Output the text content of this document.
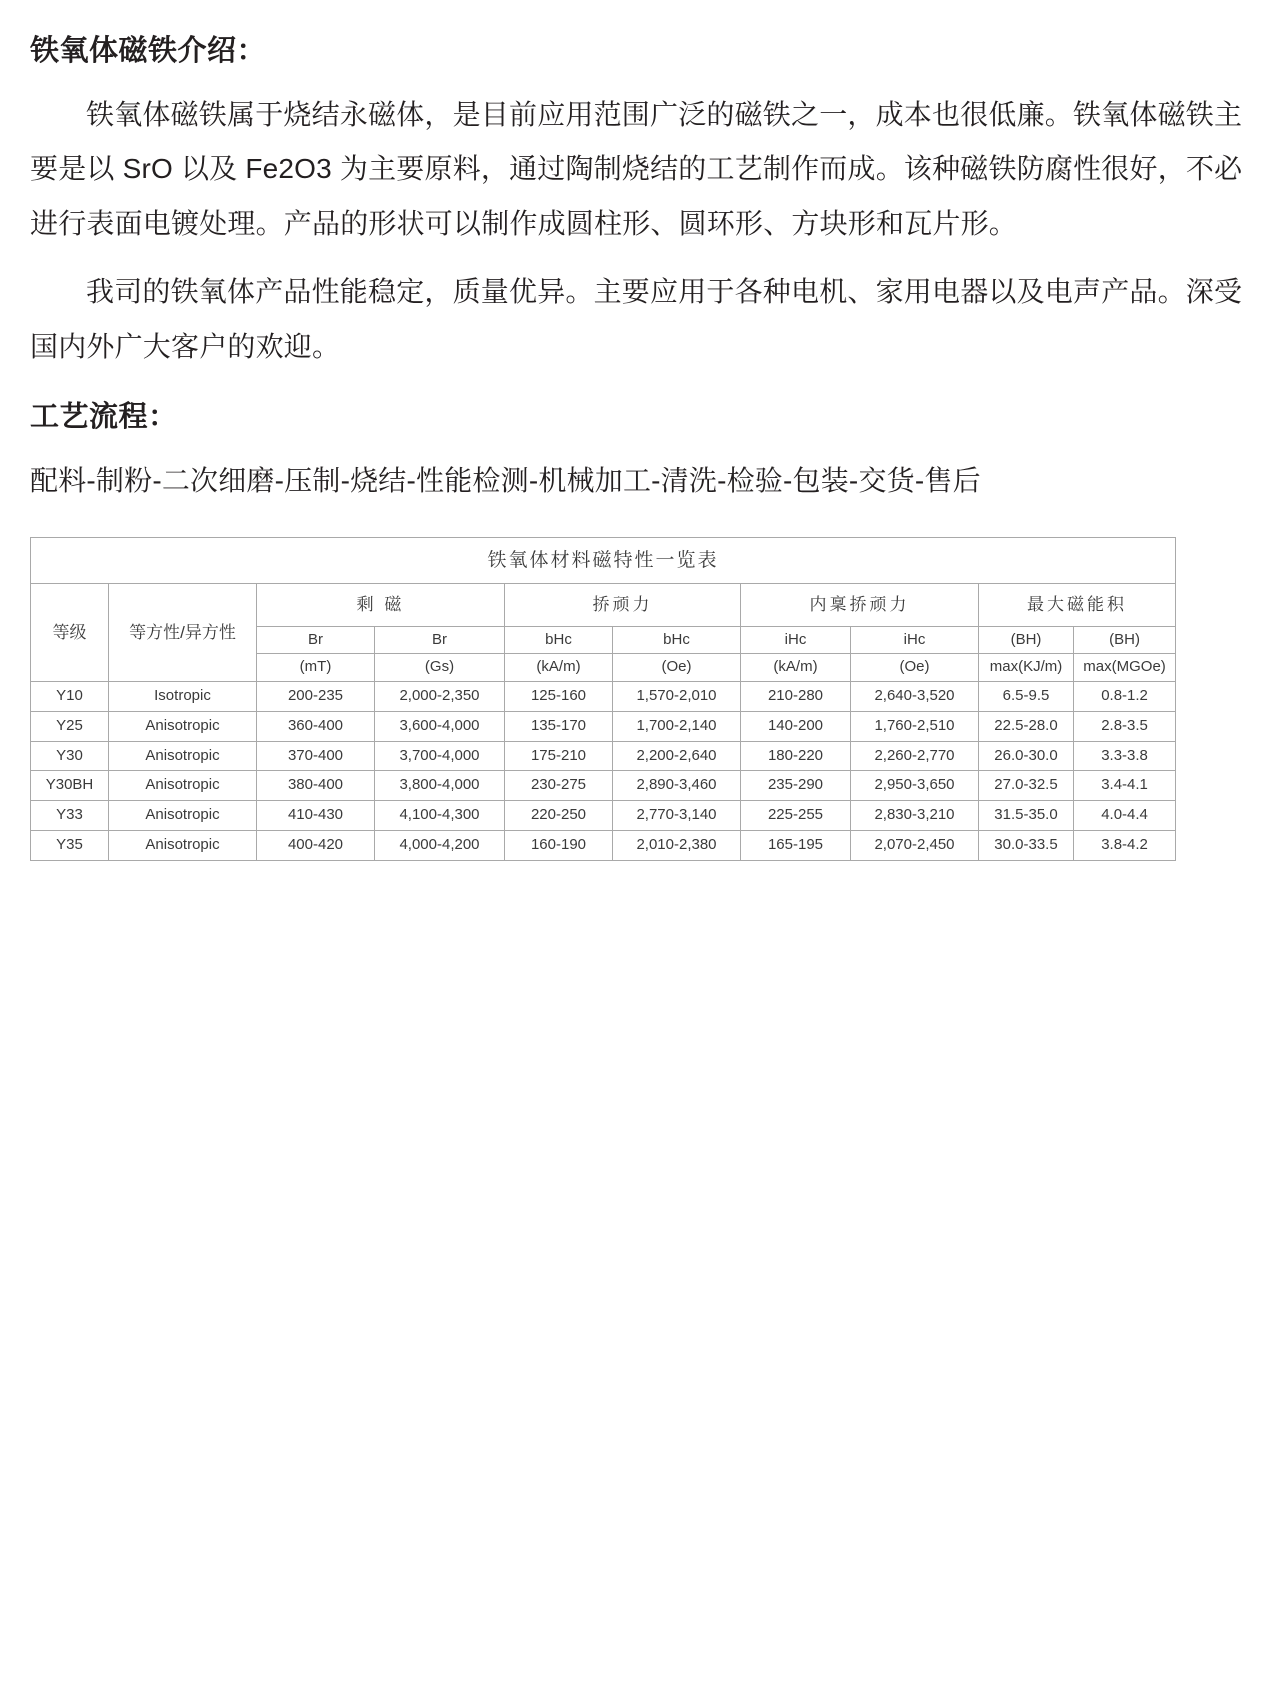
铁氧体磁铁介绍：

铁氧体磁铁属于烧结永磁体，是目前应用范围广泛的磁铁之一，成本也很低廉。铁氧体磁铁主要是以 SrO 以及 Fe2O3 为主要原料，通过陶制烧结的工艺制作而成。该种磁铁防腐性很好，不必进行表面电镀处理。产品的形状可以制作成圆柱形、圆环形、方块形和瓦片形。

我司的铁氧体产品性能稳定，质量优异。主要应用于各种电机、家用电器以及电声产品。深受国内外广大客户的欢迎。

工艺流程：

配料-制粉-二次细磨-压制-烧结-性能检测-机械加工-清洗-检验-包装-交货-售后

铁氧体材料磁特性一览表									
等级	等方性/异方性	剩 磁		挢顽力		内稟挢顽力		最大磁能积	
		Br	Br	bHc	bHc	iHc	iHc	(BH)	(BH)
		(mT)	(Gs)	(kA/m)	(Oe)	(kA/m)	(Oe)	max(KJ/m)	max(MGOe)
Y10	Isotropic	200-235	2,000-2,350	125-160	1,570-2,010	210-280	2,640-3,520	6.5-9.5	0.8-1.2
Y25	Anisotropic	360-400	3,600-4,000	135-170	1,700-2,140	140-200	1,760-2,510	22.5-28.0	2.8-3.5
Y30	Anisotropic	370-400	3,700-4,000	175-210	2,200-2,640	180-220	2,260-2,770	26.0-30.0	3.3-3.8
Y30BH	Anisotropic	380-400	3,800-4,000	230-275	2,890-3,460	235-290	2,950-3,650	27.0-32.5	3.4-4.1
Y33	Anisotropic	410-430	4,100-4,300	220-250	2,770-3,140	225-255	2,830-3,210	31.5-35.0	4.0-4.4
Y35	Anisotropic	400-420	4,000-4,200	160-190	2,010-2,380	165-195	2,070-2,450	30.0-33.5	3.8-4.2
